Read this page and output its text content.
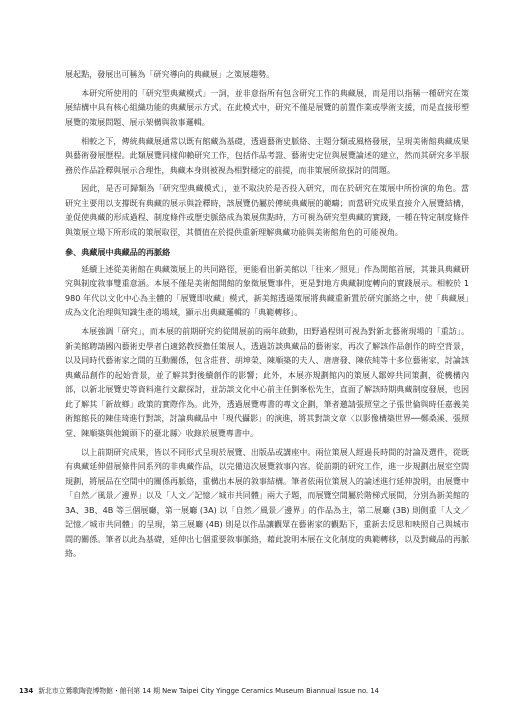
展起點，發展出可稱為「研究導向的典藏展」之策展趨勢。

本研究所使用的「研究型典藏模式」一詞，並非意指所有包含研究工作的典藏展，而是用以指稱一種研究在策展結構中具有核心組織功能的典藏展示方式。在此模式中，研究不僅是展覽的前置作業或學術支援，而是直接形塑展覽的策展問題、展示架構與敘事邏輯。

相較之下，傳統典藏展通常以既有館藏為基礎，透過藝術史脈絡、主題分類或風格發展，呈現美術館典藏成果與藝術發展歷程。此類展覽同樣仰賴研究工作，包括作品考證、藝術史定位與展覽論述的建立，然而其研究多半服務於作品詮釋與展示合理性，典藏本身則被視為相對穩定的前提，而非策展所欲探討的問題。

因此，是否可歸類為「研究型典藏模式」，並不取決於是否投入研究，而在於研究在策展中所扮演的角色。當研究主要用以支撐既有典藏的展示與詮釋時，該展覽仍屬於傳統典藏展的範疇；而當研究成果直接介入展覽結構，並促使典藏的形成過程、制度條件或歷史脈絡成為策展焦點時，方可視為研究型典藏的實踐，一種在特定制度條件與策展立場下所形成的策展取徑，其價值在於提供重新理解典藏功能與美術館角色的可能視角。

參、典藏展中典藏品的再脈絡

延續上述從美術館在典藏策展上的共同路徑，更能看出新美館以「往來／照見」作為開館首展，其兼具典藏研究與制度敘事雙重意涵。本展不僅是美術館開館的象徵展覽事件，更是對地方典藏制度轉向的實踐展示。相較於 1980 年代以文化中心為主體的「展覽即收藏」模式，新美館透過策展將典藏重新置於研究脈絡之中，使「典藏展」成為文化治理與知識生產的場域，顯示出典藏邏輯的「典範轉移」。

本展強調「研究」，而本展的前期研究約從開展前的兩年啟動，田野過程則可視為對新北藝術現場的「重訪」。新美館聘請國內藝術史學者白適銘教授擔任策展人，透過訪談典藏品的藝術家，再次了解該作品創作的時空背景，以及同時代藝術家之間的互動關係，包含莊普、胡坤榮、陳順築的夫人、唐唐發、陳依純等十多位藝術家，討論該典藏品創作的起始背景，並了解其對後續創作的影響；此外，本展亦規劃館內的策展人鄒婷共同策劃，從機構內部，以新北展覽史等資料進行文獻探討，並訪談文化中心前主任劉峯松先生，直面了解該時期典藏制度發展，也因此了解其「新故鄉」政策的實際作為。此外，透過展覽專書的專文企劃，筆者邀請張照堂之子張世倫與時任嘉義美術館館長的陳佳琦進行對談，討論典藏品中「現代攝影」的演進，將其對談文章〈以影像構築世界──鄭桑溪、張照堂、陳順築與他鏡頭下的臺北縣〉收錄於展覽專書中。

以上前期研究成果，皆以不同形式呈現於展覽、出版品或講座中。兩位策展人經過長時間的討論及選件，從既有典藏延伸借展條件同系列的非典藏作品，以完備這次展覽敘事內容。從前期的研究工作，進一步規劃出展室空間規劃，將展品在空間中的關係再脈絡，重構出本展的敘事結構。筆者依兩位策展人的論述進行延伸說明，由展覽中「自然／風景／邊界」以及「人文／記憶／城市共同體」兩大子題，而展覽空間屬於階梯式展間，分別為新美館的 3A、3B、4B 等三個展廳，第一展廳 (3A) 以「自然／風景／邊界」的作品為主，第二展廳 (3B) 則側重「人文／記憶／城市共同體」的呈現，第三展廳 (4B) 則是以作品讓觀眾在藝術家的觀點下，重新去反思和映照自己與城市間的關係。筆者以此為基礎，延伸出七個重要敘事脈絡，藉此說明本展在文化制度的典範轉移，以及對藏品的再脈絡。

134 新北市立鶯歌陶瓷博物館・館刊第 14 期 New Taipei City Yingge Ceramics Museum Biannual Issue no. 14
